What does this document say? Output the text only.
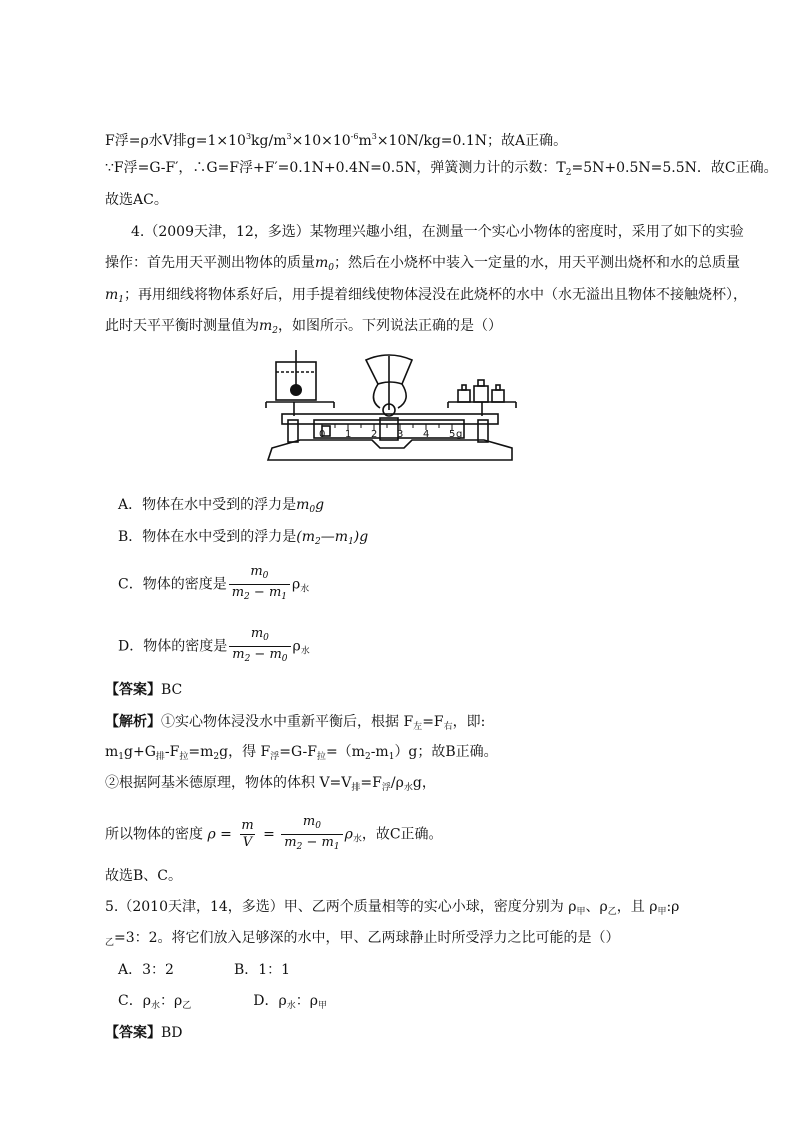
F浮=ρ水V排$g=1\times 10^3kg/m^3\times 10\times 10^{-6}m^3\times 10N/kg=0.1N$；故A正确。
∵F浮=G-F′，∴G=F浮+F′=0.1N+0.4N=0.5N，弹簧测力计的示数：$T_2=5N+0.5N=5.5N$．故C正确。
故选AC。
4.（2009天津，12，多选）某物理兴趣小组，在测量一个实心小物体的密度时，采用了如下的实验
操作：首先用天平测出物体的质量$m_0$；然后在小烧杯中装入一定量的水，用天平测出烧杯和水的总质量
$m_1$；再用细线将物体系好后，用手提着细线使物体浸没在此烧杯的水中（水无溢出且物体不接触烧杯），
此时天平平衡时测量值为$m_2$，如图所示。下列说法正确的是（）
0 1 2 3 4 5 g
A．物体在水中受到的浮力是$m_0g$
B．物体在水中受到的浮力是$(m_2—m_1)g$
C．物体的密度是 $\frac{m_0}{m_2 - m_1} \rho_水$
D．物体的密度是 $\frac{m_0}{m_2 - m_0} \rho_水$
【答案】BC
【解析】①实心物体浸没水中重新平衡后，根据 $F_左=F_右$，即:
$m_1g+G_排-F_拉=m_2g$，得 $F_浮=G-F_拉=(m_2-m_1)g$；故B正确。
②根据阿基米德原理，物体的体积 $V=V_排=F_浮/\rho_水g$，
所以物体的密度 $\rho = \frac{m}{V} = \frac{m_0}{m_2 - m_1} \rho_水$，故C正确。
故选B、C。
5.（2010天津，14，多选）甲、乙两个质量相等的实心小球，密度分别为 $\rho_甲$、$\rho_乙$，且 $\rho_甲:\rho$
$_乙$=3：2。将它们放入足够深的水中，甲、乙两球静止时所受浮力之比可能的是（）
A．3：2	B．1：1
C．$\rho_水$：$\rho_乙$	D．$\rho_水$：$\rho_甲$
【答案】BD
